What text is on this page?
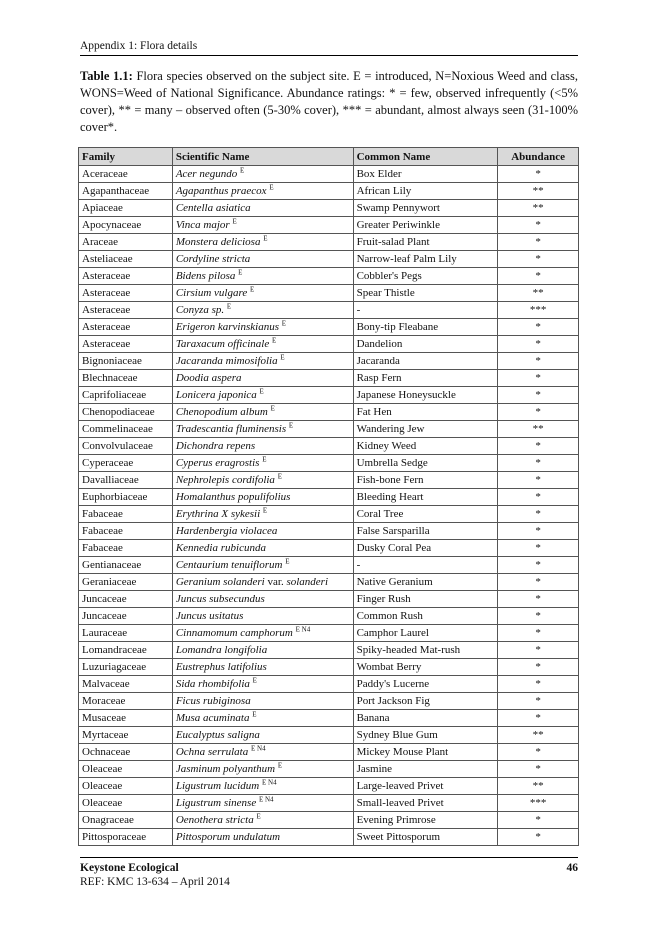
Appendix 1: Flora details
Table 1.1: Flora species observed on the subject site. E = introduced, N=Noxious Weed and class, WONS=Weed of National Significance. Abundance ratings: * = few, observed infrequently (<5% cover), ** = many – observed often (5-30% cover), *** = abundant, almost always seen (31-100% cover*.
Family	Scientific Name	Common Name	Abundance
Aceraceae	Acer negundo $^E$	Box Elder	*
Agapanthaceae	Agapanthus praecox $^E$	African Lily	**
Apiaceae	Centella asiatica	Swamp Pennywort	**
Apocynaceae	Vinca major $^E$	Greater Periwinkle	*
Araceae	Monstera deliciosa $^E$	Fruit-salad Plant	*
Asteliaceae	Cordyline stricta	Narrow-leaf Palm Lily	*
Asteraceae	Bidens pilosa $^E$	Cobbler's Pegs	*
Asteraceae	Cirsium vulgare $^E$	Spear Thistle	**
Asteraceae	Conyza sp. $^E$	-	***
Asteraceae	Erigeron karvinskianus $^E$	Bony-tip Fleabane	*
Asteraceae	Taraxacum officinale $^E$	Dandelion	*
Bignoniaceae	Jacaranda mimosifolia $^E$	Jacaranda	*
Blechnaceae	Doodia aspera	Rasp Fern	*
Caprifoliaceae	Lonicera japonica $^E$	Japanese Honeysuckle	*
Chenopodiaceae	Chenopodium album $^E$	Fat Hen	*
Commelinaceae	Tradescantia fluminensis $^E$	Wandering Jew	**
Convolvulaceae	Dichondra repens	Kidney Weed	*
Cyperaceae	Cyperus eragrostis $^E$	Umbrella Sedge	*
Davalliaceae	Nephrolepis cordifolia $^E$	Fish-bone Fern	*
Euphorbiaceae	Homalanthus populifolius	Bleeding Heart	*
Fabaceae	Erythrina X sykesii $^E$	Coral Tree	*
Fabaceae	Hardenbergia violacea	False Sarsparilla	*
Fabaceae	Kennedia rubicunda	Dusky Coral Pea	*
Gentianaceae	Centaurium tenuiflorum $^E$	-	*
Geraniaceae	Geranium solanderi var. solanderi	Native Geranium	*
Juncaceae	Juncus subsecundus	Finger Rush	*
Juncaceae	Juncus usitatus	Common Rush	*
Lauraceae	Cinnamomum camphorum $^{E N4}$	Camphor Laurel	*
Lomandraceae	Lomandra longifolia	Spiky-headed Mat-rush	*
Luzuriagaceae	Eustrephus latifolius	Wombat Berry	*
Malvaceae	Sida rhombifolia $^E$	Paddy's Lucerne	*
Moraceae	Ficus rubiginosa	Port Jackson Fig	*
Musaceae	Musa acuminata $^E$	Banana	*
Myrtaceae	Eucalyptus saligna	Sydney Blue Gum	**
Ochnaceae	Ochna serrulata $^{E N4}$	Mickey Mouse Plant	*
Oleaceae	Jasminum polyanthum $^E$	Jasmine	*
Oleaceae	Ligustrum lucidum $^{E N4}$	Large-leaved Privet	**
Oleaceae	Ligustrum sinense $^{E N4}$	Small-leaved Privet	***
Onagraceae	Oenothera stricta $^E$	Evening Primrose	*
Pittosporaceae	Pittosporum undulatum	Sweet Pittosporum	*
Keystone Ecological
REF: KMC 13-634 – April 2014
46
